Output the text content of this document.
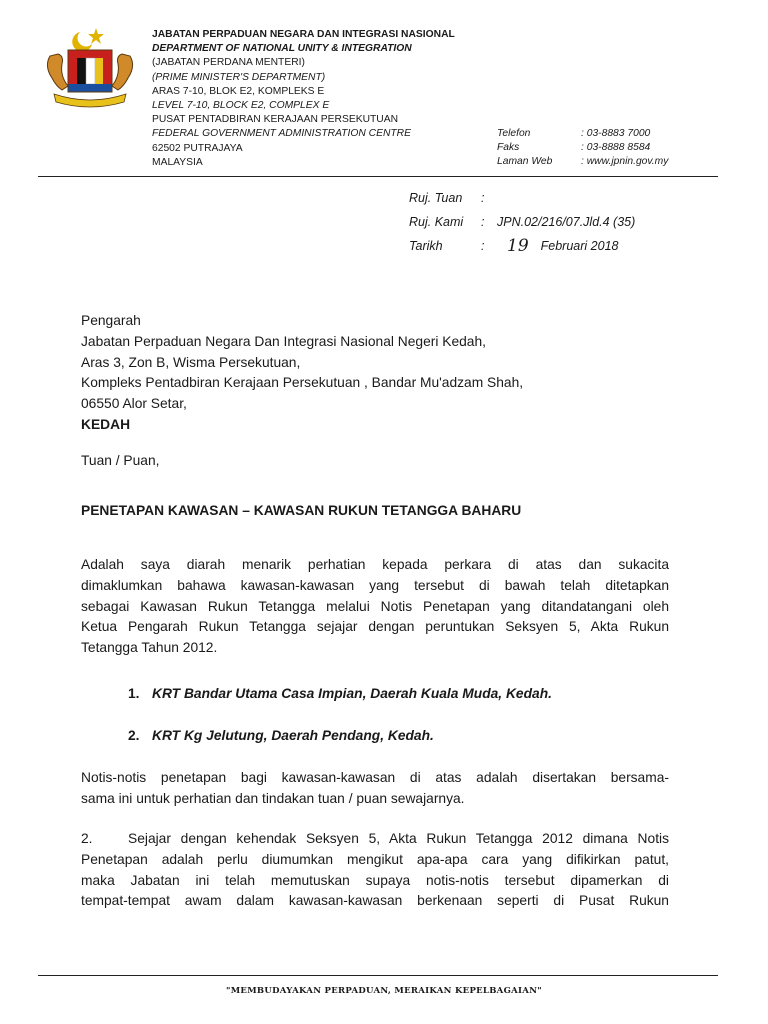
JABATAN PERPADUAN NEGARA DAN INTEGRASI NASIONAL
DEPARTMENT OF NATIONAL UNITY & INTEGRATION
(JABATAN PERDANA MENTERI)
(PRIME MINISTER'S DEPARTMENT)
ARAS 7-10, BLOK E2, KOMPLEKS E
LEVEL 7-10, BLOCK E2, COMPLEX E
PUSAT PENTADBIRAN KERAJAAN PERSEKUTUAN
FEDERAL GOVERNMENT ADMINISTRATION CENTRE
62502 PUTRAJAYA
MALAYSIA
Telefon	: 03-8883 7000
Faks	: 03-8888 8584
Laman Web	: www.jpnin.gov.my
Ruj. Tuan	:
Ruj. Kami	:	JPN.02/216/07.Jld.4 (35)
Tarikh	:	19 Februari 2018
Pengarah
Jabatan Perpaduan Negara Dan Integrasi Nasional Negeri Kedah,
Aras 3, Zon B, Wisma Persekutuan,
Kompleks Pentadbiran Kerajaan Persekutuan , Bandar Mu'adzam Shah,
06550 Alor Setar,
KEDAH
Tuan / Puan,
PENETAPAN KAWASAN – KAWASAN RUKUN TETANGGA BAHARU
Adalah saya diarah menarik perhatian kepada perkara di atas dan sukacita
dimaklumkan bahawa kawasan-kawasan yang tersebut di bawah telah ditetapkan
sebagai Kawasan Rukun Tetangga melalui Notis Penetapan yang ditandatangani oleh
Ketua Pengarah Rukun Tetangga sejajar dengan peruntukan Seksyen 5, Akta Rukun
Tetangga Tahun 2012.
1. KRT Bandar Utama Casa Impian, Daerah Kuala Muda, Kedah.
2. KRT Kg Jelutung, Daerah Pendang, Kedah.
Notis-notis penetapan bagi kawasan-kawasan di atas adalah disertakan bersama-
sama ini untuk perhatian dan tindakan tuan / puan sewajarnya.
2.	Sejajar dengan kehendak Seksyen 5, Akta Rukun Tetangga 2012 dimana Notis
Penetapan adalah perlu diumumkan mengikut apa-apa cara yang difikirkan patut,
maka Jabatan ini telah memutuskan supaya notis-notis tersebut dipamerkan di
tempat-tempat awam dalam kawasan-kawasan berkenaan seperti di Pusat Rukun
"MEMBUDAYAKAN PERPADUAN, MERAIKAN KEPELBAGAIAN"
